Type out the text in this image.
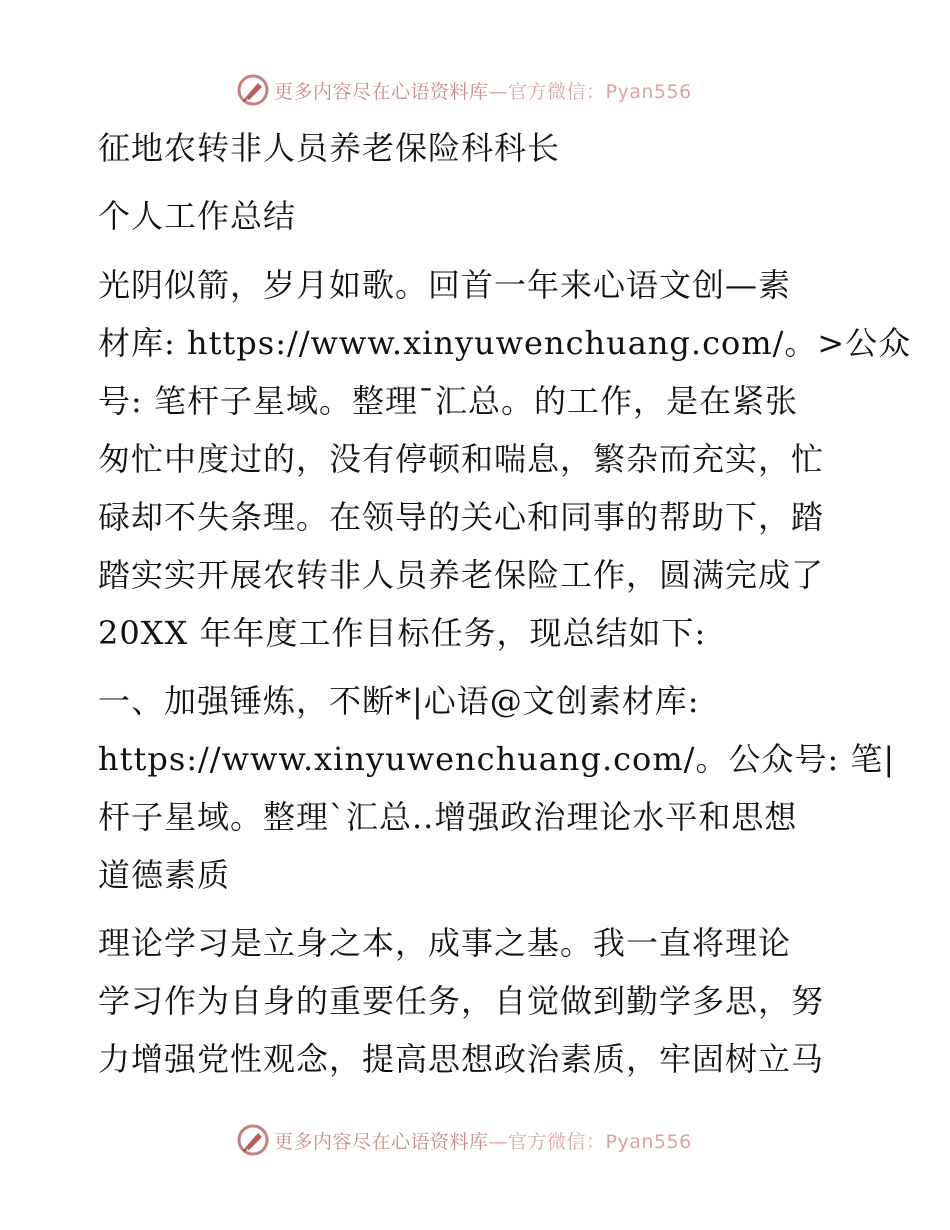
更多内容尽在心语资料库—官方微信：Pyan556
征地农转非人员养老保险科科长
个人工作总结
光阴似箭，岁月如歌。回首一年来心语文创—素
材库: https://www.xinyuwenchuang.com/。>公众
号: 笔杆子星域。整理¯汇总。的工作，是在紧张
匆忙中度过的，没有停顿和喘息，繁杂而充实，忙
碌却不失条理。在领导的关心和同事的帮助下，踏
踏实实开展农转非人员养老保险工作，圆满完成了
20XX 年年度工作目标任务，现总结如下:
一、加强锤炼，不断*|心语@文创素材库:
https://www.xinyuwenchuang.com/。公众号: 笔|
杆子星域。整理`汇总..增强政治理论水平和思想
道德素质
理论学习是立身之本，成事之基。我一直将理论
学习作为自身的重要任务，自觉做到勤学多思，努
力增强党性观念，提高思想政治素质，牢固树立马
更多内容尽在心语资料库—官方微信：Pyan556
